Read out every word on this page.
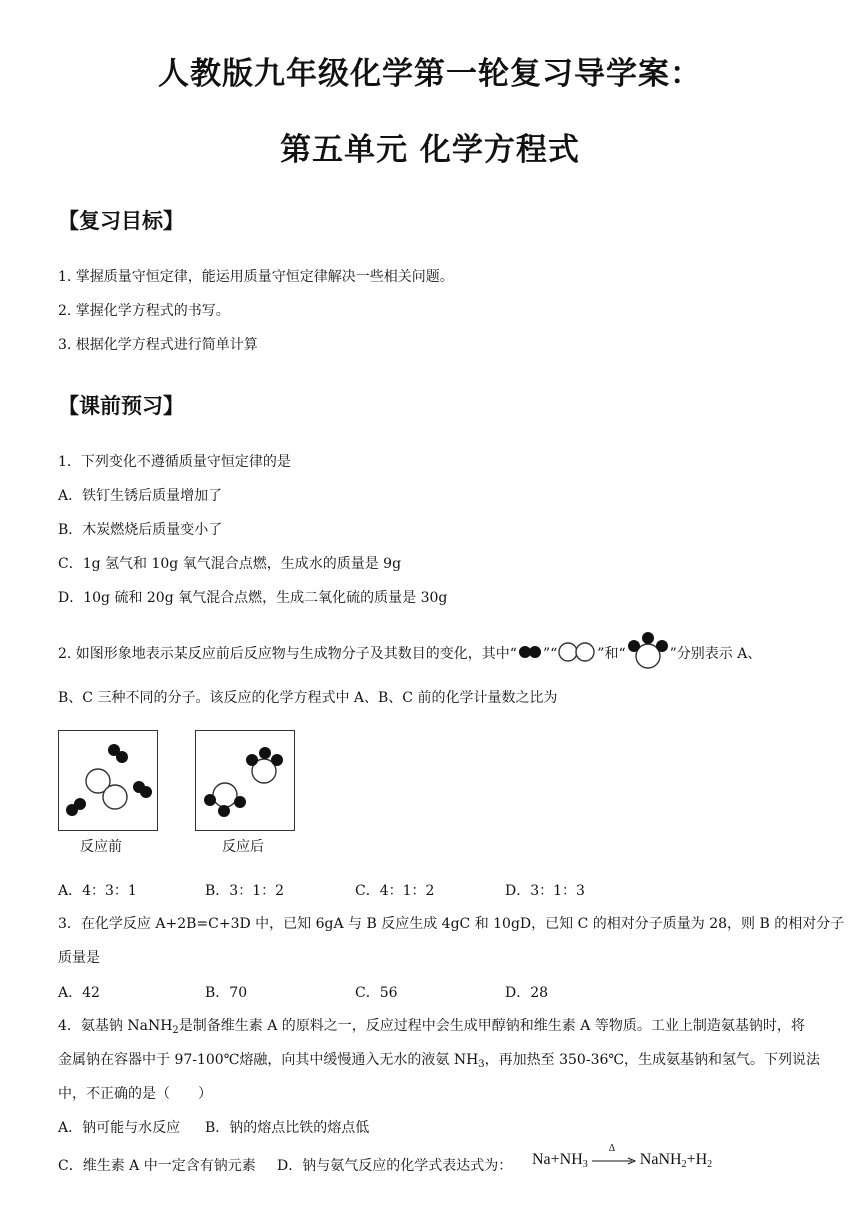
人教版九年级化学第一轮复习导学案：
第五单元 化学方程式
【复习目标】
1. 掌握质量守恒定律，能运用质量守恒定律解决一些相关问题。
2. 掌握化学方程式的书写。
3. 根据化学方程式进行简单计算
【课前预习】
1．下列变化不遵循质量守恒定律的是
A．铁钉生锈后质量增加了
B．木炭燃烧后质量变小了
C．1g 氢气和 10g 氧气混合点燃，生成水的质量是 9g
D．10g 硫和 20g 氧气混合点燃，生成二氧化硫的质量是 30g
2. 如图形象地表示某反应前后反应物与生成物分子及其数目的变化，其中“ ”“	”和“	”分别表示 A、
B、C 三种不同的分子。该反应的化学方程式中 A、B、C 前的化学计量数之比为
反应前	反应后
A．4：3：1	B．3：1：2	C．4：1：2	D．3：1：3
3．在化学反应 A+2B=C+3D 中，已知 6gA 与 B 反应生成 4gC 和 10gD，已知 C 的相对分子质量为 28，则 B 的相对分子
质量是
A．42	B．70	C．56	D．28
4．氨基钠 NaNH$_2$是制备维生素 A 的原料之一，反应过程中会生成甲醇钠和维生素 A 等物质。工业上制造氨基钠时，将
金属钠在容器中于 97-100℃熔融，向其中缓慢通入无水的液氨 $NH_3$，再加热至 350-36℃，生成氨基钠和氢气。下列说法
中，不正确的是（　　）
A．钠可能与水反应 B．钠的熔点比铁的熔点低
C．维生素 A 中一定含有钠元素 D．钠与氨气反应的化学式表达式为： $Na+NH_3$
Δ
$NaNH_2+H_2$
